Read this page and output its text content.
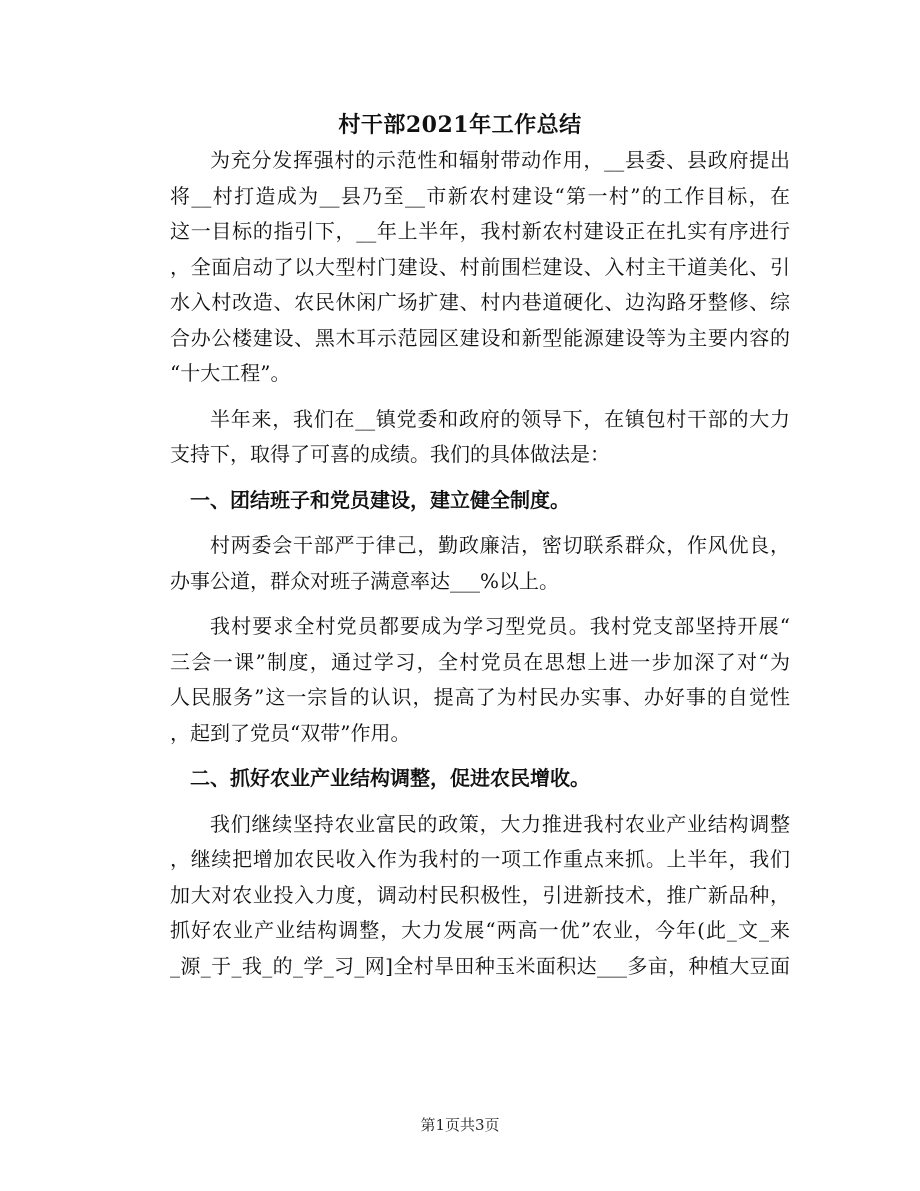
村干部2021年工作总结
为充分发挥强村的示范性和辐射带动作用，__县委、县政府提出
将__村打造成为__县乃至__市新农村建设“第一村”的工作目标，在
这一目标的指引下，__年上半年，我村新农村建设正在扎实有序进行
，全面启动了以大型村门建设、村前围栏建设、入村主干道美化、引
水入村改造、农民休闲广场扩建、村内巷道硬化、边沟路牙整修、综
合办公楼建设、黑木耳示范园区建设和新型能源建设等为主要内容的
“十大工程”。
半年来，我们在__镇党委和政府的领导下，在镇包村干部的大力
支持下，取得了可喜的成绩。我们的具体做法是：
一、团结班子和党员建设，建立健全制度。
村两委会干部严于律己，勤政廉洁，密切联系群众，作风优良，
办事公道，群众对班子满意率达___%以上。
我村要求全村党员都要成为学习型党员。我村党支部坚持开展“
三会一课”制度，通过学习，全村党员在思想上进一步加深了对“为
人民服务”这一宗旨的认识，提高了为村民办实事、办好事的自觉性
，起到了党员“双带”作用。
二、抓好农业产业结构调整，促进农民增收。
我们继续坚持农业富民的政策，大力推进我村农业产业结构调整
，继续把增加农民收入作为我村的一项工作重点来抓。上半年，我们
加大对农业投入力度，调动村民积极性，引进新技术，推广新品种，
抓好农业产业结构调整，大力发展“两高一优”农业，今年(此_文_来
_源_于_我_的_学_习_网]全村旱田种玉米面积达___多亩，种植大豆面
第1页共3页
